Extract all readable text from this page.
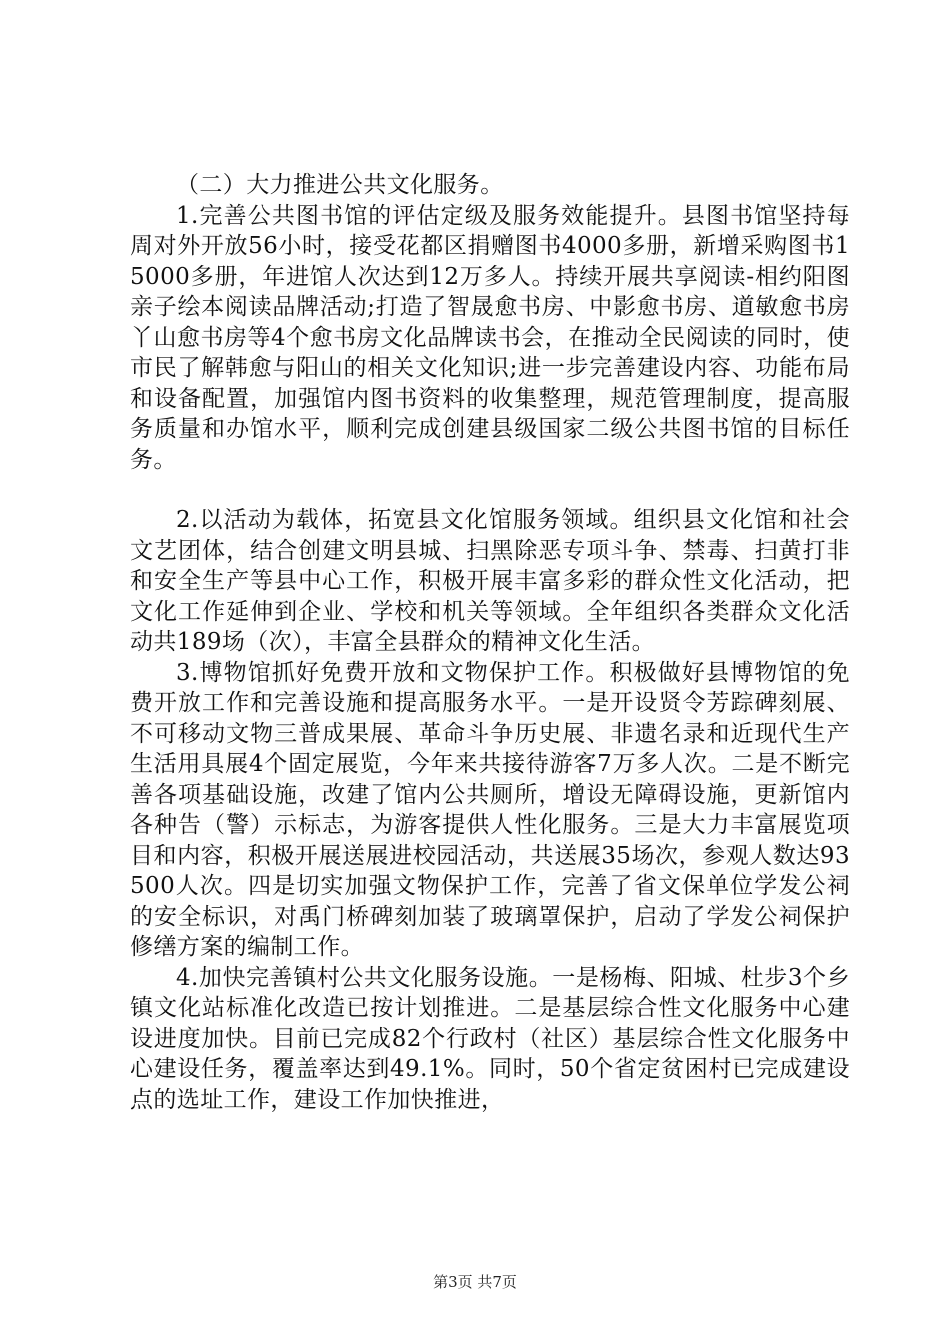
（二）大力推进公共文化服务。

1.完善公共图书馆的评估定级及服务效能提升。县图书馆坚持每周对外开放56小时，接受花都区捐赠图书4000多册，新增采购图书15000多册，年进馆人次达到12万多人。持续开展共享阅读-相约阳图亲子绘本阅读品牌活动;打造了智晟愈书房、中影愈书房、道敏愈书房丫山愈书房等4个愈书房文化品牌读书会，在推动全民阅读的同时，使市民了解韩愈与阳山的相关文化知识;进一步完善建设内容、功能布局和设备配置，加强馆内图书资料的收集整理，规范管理制度，提高服务质量和办馆水平，顺利完成创建县级国家二级公共图书馆的目标任务。

2.以活动为载体，拓宽县文化馆服务领域。组织县文化馆和社会文艺团体，结合创建文明县城、扫黑除恶专项斗争、禁毒、扫黄打非和安全生产等县中心工作，积极开展丰富多彩的群众性文化活动，把文化工作延伸到企业、学校和机关等领域。全年组织各类群众文化活动共189场（次），丰富全县群众的精神文化生活。

3.博物馆抓好免费开放和文物保护工作。积极做好县博物馆的免费开放工作和完善设施和提高服务水平。一是开设贤令芳踪碑刻展、不可移动文物三普成果展、革命斗争历史展、非遗名录和近现代生产生活用具展4个固定展览，今年来共接待游客7万多人次。二是不断完善各项基础设施，改建了馆内公共厕所，增设无障碍设施，更新馆内各种告（警）示标志，为游客提供人性化服务。三是大力丰富展览项目和内容，积极开展送展进校园活动，共送展35场次，参观人数达93500人次。四是切实加强文物保护工作，完善了省文保单位学发公祠的安全标识，对禹门桥碑刻加装了玻璃罩保护，启动了学发公祠保护修缮方案的编制工作。

4.加快完善镇村公共文化服务设施。一是杨梅、阳城、杜步3个乡镇文化站标准化改造已按计划推进。二是基层综合性文化服务中心建设进度加快。目前已完成82个行政村（社区）基层综合性文化服务中心建设任务，覆盖率达到49.1%。同时，50个省定贫困村已完成建设点的选址工作，建设工作加快推进，

第3页 共7页
